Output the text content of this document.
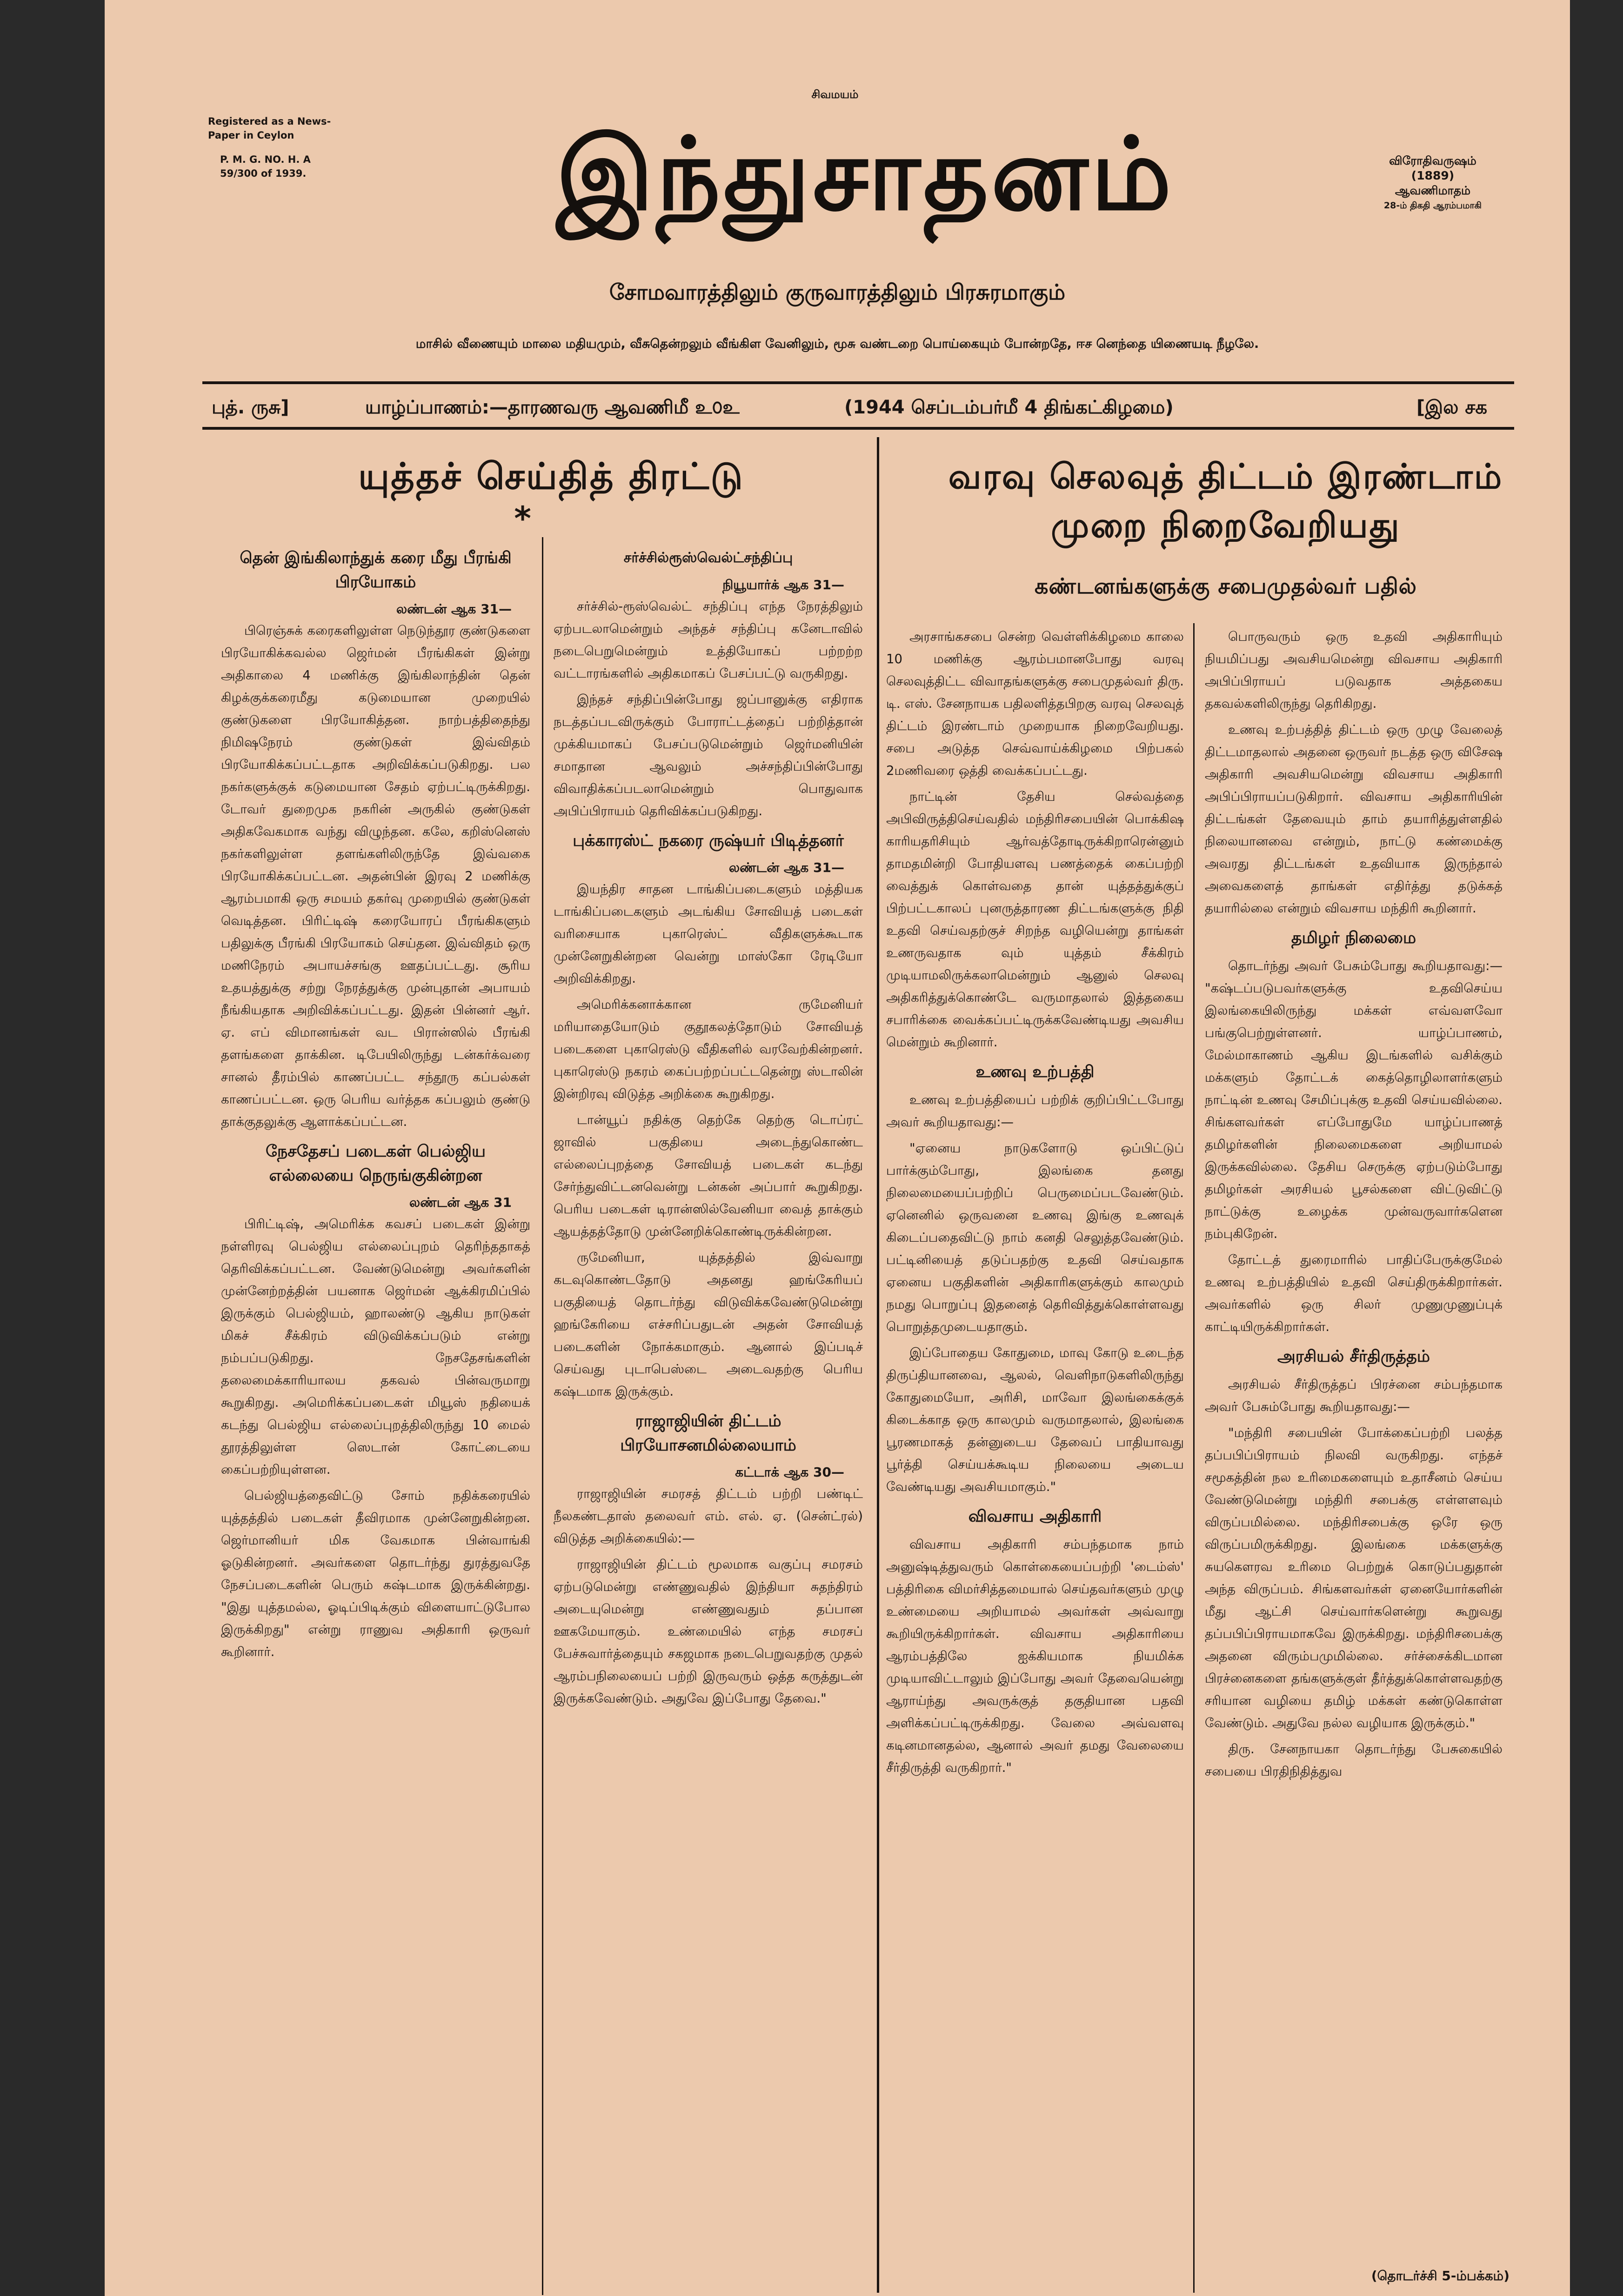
சிவமயம்
Registered as a News-
Paper in Ceylon
P. M. G. NO. H. A
59/300 of 1939.	இந்துசாதனம்	விரோதிவருஷம்
(1889)
ஆவணிமாதம்
28-ம் திகதி ஆரம்பமாகி
சோமவாரத்திலும் குருவாரத்திலும் பிரசுரமாகும்
மாசில் வீணையும் மாலை மதியமும், வீசுதென்றலும் வீங்கிள வேனிலும், மூசு வண்டறை பொய்கையும் போன்றதே, ஈச னெந்தை யிணையடி நீழலே.
புத். ருசு]	யாழ்ப்பாணம்:—தாரணவரு ஆவணிமீ உ௦உ	(1944 செப்டம்பர்மீ 4 திங்கட்கிழமை)	[இல சக
யுத்தச் செய்தித் திரட்டு
*
தென் இங்கிலாந்துக் கரை மீது பீரங்கி பிரயோகம்
லண்டன் ஆக 31—

பிரெஞ்சுக் கரைகளிலுள்ள நெடுந்தூர குண்டுகளை பிரயோகிக்கவல்ல ஜெர்மன் பீரங்கிகள் இன்று அதிகாலை 4 மணிக்கு இங்கிலாந்தின் தென் கிழக்குக்கரைமீது கடுமையான முறையில் குண்டுகளை பிரயோகித்தன. நாற்பத்திதைந்து நிமிஷநேரம் குண்டுகள் இவ்விதம் பிரயோகிக்கப்பட்டதாக அறிவிக்கப்படுகிறது. பல நகர்களுக்குக் கடுமையான சேதம் ஏற்பட்டிருக்கிறது. டோவர் துறைமுக நகரின் அருகில் குண்டுகள் அதிகவேகமாக வந்து விழுந்தன. கலே, கறிஸ்னெஸ் நகர்களிலுள்ள தளங்களிலிருந்தே இவ்வகை பிரயோகிக்கப்பட்டன. அதன்பின் இரவு 2 மணிக்கு ஆரம்பமாகி ஒரு சமயம் தகர்வு முறையில் குண்டுகள் வெடித்தன. பிரிட்டிஷ் கரையோரப் பீரங்கிகளும் பதிலுக்கு பீரங்கி பிரயோகம் செய்தன. இவ்விதம் ஒரு மணிநேரம் அபாயச்சங்கு ஊதப்பட்டது. சூரிய உதயத்துக்கு சற்று நேரத்துக்கு முன்புதான் அபாயம் நீங்கியதாக அறிவிக்கப்பட்டது. இதன் பின்னர் ஆர். ஏ. எப் விமானங்கள் வட பிரான்ஸில் பீரங்கி தளங்களை தாக்கின. டிபேயிலிருந்து டன்கர்க்வரை சானல் தீரம்பில் காணப்பட்ட சந்தூரு கப்பல்கள் காணப்பட்டன. ஒரு பெரிய வர்த்தக கப்பலும் குண்டு தாக்குதலுக்கு ஆளாக்கப்பட்டன.

நேசதேசப் படைகள் பெல்ஜிய எல்லையை நெருங்குகின்றன
லண்டன் ஆக 31

பிரிட்டிஷ், அமெரிக்க கவசப் படைகள் இன்று நள்ளிரவு பெல்ஜிய எல்லைப்புறம் தெரிந்ததாகத் தெரிவிக்கப்பட்டன. வேண்டுமென்று அவர்களின் முன்னேற்றத்தின் பயனாக ஜெர்மன் ஆக்கிரமிப்பில் இருக்கும் பெல்ஜியம், ஹாலண்டு ஆகிய நாடுகள் மிகச் சீக்கிரம் விடுவிக்கப்படும் என்று நம்பப்படுகிறது. நேசதேசங்களின் தலைமைக்காரியாலய தகவல் பின்வருமாறு கூறுகிறது. அமெரிக்கப்படைகள் மியூஸ் நதியைக் கடந்து பெல்ஜிய எல்லைப்புறத்திலிருந்து 10 மைல் தூரத்திலுள்ள ஸெடான் கோட்டையை கைப்பற்றியுள்ளன.

பெல்ஜியத்தைவிட்டு சோம் நதிக்கரையில் யுத்தத்தில் படைகள் தீவிரமாக முன்னேறுகின்றன. ஜெர்மானியர் மிக வேகமாக பின்வாங்கி ஓடுகின்றனர். அவர்களை தொடர்ந்து துரத்துவதே நேசப்படைகளின் பெரும் கஷ்டமாக இருக்கின்றது. "இது யுத்தமல்ல, ஓடிப்பிடிக்கும் விளையாட்டுபோல இருக்கிறது" என்று ராணுவ அதிகாரி ஒருவர் கூறினார்.

சர்ச்சில்ரூஸ்வெல்ட்சந்திப்பு
நியூயார்க் ஆக 31—

சர்ச்சில்-ரூஸ்வெல்ட் சந்திப்பு எந்த நேரத்திலும் ஏற்படலாமென்றும் அந்தச் சந்திப்பு கனேடாவில் நடைபெறுமென்றும் உத்தியோகப் பற்றற்ற வட்டாரங்களில் அதிகமாகப் பேசப்பட்டு வருகிறது.

இந்தச் சந்திப்பின்போது ஜப்பானுக்கு எதிராக நடத்தப்படவிருக்கும் போராட்டத்தைப் பற்றித்தான் முக்கியமாகப் பேசப்படுமென்றும் ஜெர்மனியின் சமாதான ஆவலும் அச்சந்திப்பின்போது விவாதிக்கப்படலாமென்றும் பொதுவாக அபிப்பிராயம் தெரிவிக்கப்படுகிறது.

புக்காரஸ்ட் நகரை ருஷ்யர் பிடித்தனர்
லண்டன் ஆக 31—

இயந்திர சாதன டாங்கிப்படைகளும் மத்தியக டாங்கிப்படைகளும் அடங்கிய சோவியத் படைகள் வரிசையாக புகாரெஸ்ட் வீதிகளுக்கூடாக முன்னேறுகின்றன வென்று மாஸ்கோ ரேடியோ அறிவிக்கிறது.

அமெரிக்கனாக்கான ருமேனியர் மரியாதையோடும் குதூகலத்தோடும் சோவியத் படைகளை புகாரெஸ்டு வீதிகளில் வரவேற்கின்றனர். புகாரெஸ்டு நகரம் கைப்பற்றப்பட்டதென்று ஸ்டாலின் இன்றிரவு விடுத்த அறிக்கை கூறுகிறது.

டான்யூப் நதிக்கு தெற்கே தெற்கு டொப்ரட் ஜாவில் பகுதியை அடைந்துகொண்ட எல்லைப்புறத்தை சோவியத் படைகள் கடந்து சேர்ந்துவிட்டனவென்று டன்கன் அப்பார் கூறுகிறது. பெரிய படைகள் டிரான்ஸில்வேனியா வைத் தாக்கும் ஆயத்தத்தோடு முன்னேறிக்கொண்டிருக்கின்றன.

ருமேனியா, யுத்தத்தில் இவ்வாறு கடவுகொண்டதோடு அதனது ஹங்கேரியப் பகுதியைத் தொடர்ந்து விடுவிக்கவேண்டுமென்று ஹங்கேரியை எச்சரிப்பதுடன் அதன் சோவியத் படைகளின் நோக்கமாகும். ஆனால் இப்படிச் செய்வது புடாபெஸ்டை அடைவதற்கு பெரிய கஷ்டமாக இருக்கும்.

ராஜாஜியின் திட்டம் பிரயோசனமில்லையாம்
கட்டாக் ஆக 30—

ராஜாஜியின் சமரசத் திட்டம் பற்றி பண்டிட் நீலகண்டதாஸ் தலைவர் எம். எல். ஏ. (சென்ட்ரல்) விடுத்த அறிக்கையில்:—

ராஜாஜியின் திட்டம் மூலமாக வகுப்பு சமரசம் ஏற்படுமென்று எண்ணுவதில் இந்தியா சுதந்திரம் அடையுமென்று எண்ணுவதும் தப்பான ஊகமேயாகும். உண்மையில் எந்த சமரசப் பேச்சுவார்த்தையும் சகஜமாக நடைபெறுவதற்கு முதல் ஆரம்பநிலையைப் பற்றி இருவரும் ஒத்த கருத்துடன் இருக்கவேண்டும். அதுவே இப்போது தேவை."

வரவு செலவுத் திட்டம் இரண்டாம்
முறை நிறைவேறியது
கண்டனங்களுக்கு சபைமுதல்வர் பதில்

அரசாங்கசபை சென்ற வெள்ளிக்கிழமை காலை 10 மணிக்கு ஆரம்பமானபோது வரவு செலவுத்திட்ட விவாதங்களுக்கு சபைமுதல்வர் திரு. டி. எஸ். சேனநாயக பதிலளித்தபிறகு வரவு செலவுத் திட்டம் இரண்டாம் முறையாக நிறைவேறியது. சபை அடுத்த செவ்வாய்க்கிழமை பிற்பகல் 2மணிவரை ஒத்தி வைக்கப்பட்டது.

நாட்டின் தேசிய செல்வத்தை அபிவிருத்திசெய்வதில் மந்திரிசபையின் பொக்கிஷ காரியதரிசியும் ஆர்வத்தோடிருக்கிறாரென்னும் தாமதமின்றி போதியளவு பணத்தைக் கைப்பற்றி வைத்துக் கொள்வதை தான் யுத்தத்துக்குப் பிற்பட்டகாலப் புனருத்தாரண திட்டங்களுக்கு நிதி உதவி செய்வதற்குச் சிறந்த வழியென்று தாங்கள் உணருவதாக வும் யுத்தம் சீக்கிரம் முடியாமலிருக்கலாமென்றும் ஆனுல் செலவு அதிகரித்துக்கொண்டே வருமாதலால் இத்தகைய சபாரிக்கை வைக்கப்பட்டிருக்கவேண்டியது அவசிய மென்றும் கூறினார்.

உணவு உற்பத்தி

உணவு உற்பத்தியைப் பற்றிக் குறிப்பிட்டபோது அவர் கூறியதாவது:—

"ஏனைய நாடுகளோடு ஒப்பிட்டுப் பார்க்கும்போது, இலங்கை தனது நிலைமையைப்பற்றிப் பெருமைப்படவேண்டும். ஏனெனில் ஒருவனை உணவு இங்கு உணவுக் கிடைப்பதைவிட்டு நாம் கனதி செலுத்தவேண்டும். பட்டினியைத் தடுப்பதற்கு உதவி செய்வதாக ஏனைய பகுதிகளின் அதிகாரிகளுக்கும் காலமும் நமது பொறுப்பு இதனைத் தெரிவித்துக்கொள்ளவது பொறுத்தமுடையதாகும்.

இப்போதைய கோதுமை, மாவு கோடு உடைந்த திருப்தியானவை, ஆலல், வெளிநாடுகளிலிருந்து கோதுமையோ, அரிசி, மாவோ இலங்கைக்குக் கிடைக்காத ஒரு காலமும் வருமாதலால், இலங்கை பூரணமாகத் தன்னுடைய தேவைப் பாதியாவது பூர்த்தி செய்யக்கூடிய நிலையை அடைய வேண்டியது அவசியமாகும்."

விவசாய அதிகாரி

விவசாய அதிகாரி சம்பந்தமாக நாம் அனுஷ்டித்துவரும் கொள்கையைப்பற்றி 'டைம்ஸ்' பத்திரிகை விமர்சித்தமையால் செய்தவர்களும் முழு உண்மையை அறியாமல் அவர்கள் அவ்வாறு கூறியிருக்கிறார்கள். விவசாய அதிகாரியை ஆரம்பத்திலே ஐக்கியமாக நியமிக்க முடியாவிட்டாலும் இப்போது அவர் தேவையென்று ஆராய்ந்து அவருக்குத் தகுதியான பதவி அளிக்கப்பட்டிருக்கிறது. வேலை அவ்வளவு கடினமானதல்ல, ஆனால் அவர் தமது வேலையை சீர்திருத்தி வருகிறார்."

பொருவரும் ஒரு உதவி அதிகாரியும் நியமிப்பது அவசியமென்று விவசாய அதிகாரி அபிப்பிராயப் படுவதாக அத்தகைய தகவல்களிலிருந்து தெரிகிறது.

உணவு உற்பத்தித் திட்டம் ஒரு முழு வேலைத் திட்டமாதலால் அதனை ஒருவர் நடத்த ஒரு விசேஷ அதிகாரி அவசியமென்று விவசாய அதிகாரி அபிப்பிராயப்படுகிறார். விவசாய அதிகாரியின் திட்டங்கள் தேவையும் தாம் தயாரித்துள்ளதில் நிலையானவை என்றும், நாட்டு கண்மைக்கு அவரது திட்டங்கள் உதவியாக இருந்தால் அவைகளைத் தாங்கள் எதிர்த்து தடுக்கத் தயாரில்லை என்றும் விவசாய மந்திரி கூறினார்.

தமிழர் நிலைமை

தொடர்ந்து அவர் பேசும்போது கூறியதாவது:— "கஷ்டப்படுபவர்களுக்கு உதவிசெய்ய இலங்கையிலிருந்து மக்கள் எவ்வளவோ பங்குபெற்றுள்ளனர். யாழ்ப்பாணம், மேல்மாகாணம் ஆகிய இடங்களில் வசிக்கும் மக்களும் தோட்டக் கைத்தொழிலாளர்களும் நாட்டின் உணவு சேமிப்புக்கு உதவி செய்யவில்லை. சிங்களவர்கள் எப்போதுமே யாழ்ப்பாணத் தமிழர்களின் நிலைமைகளை அறியாமல் இருக்கவில்லை. தேசிய செருக்கு ஏற்படும்போது தமிழர்கள் அரசியல் பூசல்களை விட்டுவிட்டு நாட்டுக்கு உழைக்க முன்வருவார்களென நம்புகிறேன்.

தோட்டத் துரைமாரில் பாதிப்பேருக்குமேல் உணவு உற்பத்தியில் உதவி செய்திருக்கிறார்கள். அவர்களில் ஒரு சிலர் முணுமுணுப்புக் காட்டியிருக்கிறார்கள்.

அரசியல் சீர்திருத்தம்

அரசியல் சீர்திருத்தப் பிரச்னை சம்பந்தமாக அவர் பேசும்போது கூறியதாவது:—

"மந்திரி சபையின் போக்கைப்பற்றி பலத்த தப்பபிப்பிராயம் நிலவி வருகிறது. எந்தச் சமூகத்தின் நல உரிமைகளையும் உதாசீனம் செய்ய வேண்டுமென்று மந்திரி சபைக்கு எள்ளளவும் விருப்பமில்லை. மந்திரிசபைக்கு ஒரே ஒரு விருப்பமிருக்கிறது. இலங்கை மக்களுக்கு சுயகௌரவ உரிமை பெற்றுக் கொடுப்பதுதான் அந்த விருப்பம். சிங்களவர்கள் ஏனையோர்களின் மீது ஆட்சி செய்வார்களென்று கூறுவது தப்பபிப்பிராயமாகவே இருக்கிறது. மந்திரிசபைக்கு அதனை விரும்பமுமில்லை. சர்ச்சைக்கிடமான பிரச்னைகளை தங்களுக்குள் தீர்த்துக்கொள்ளவதற்கு சரியான வழியை தமிழ் மக்கள் கண்டுகொள்ள வேண்டும். அதுவே நல்ல வழியாக இருக்கும்."

திரு. சேனநாயகா தொடர்ந்து பேசுகையில் சபையை பிரதிநிதித்துவ

(தொடர்ச்சி 5-ம்பக்கம்)
